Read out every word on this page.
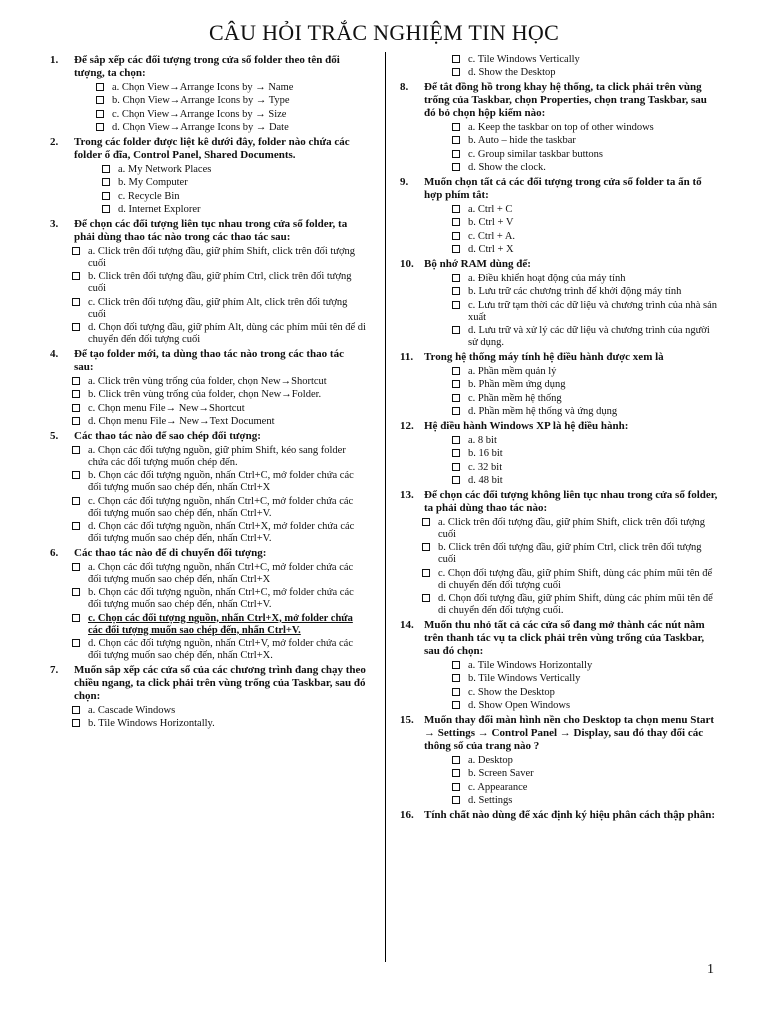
CÂU HỎI TRẮC NGHIỆM TIN HỌC
1.	Để sắp xếp các đối tượng trong cửa sổ folder theo tên đối tượng, ta chọn:
a. Chọn View→Arrange Icons by → Name
b. Chọn View→Arrange Icons by → Type
c. Chọn View→Arrange Icons by → Size
d. Chọn View→Arrange Icons by → Date
2.	Trong các folder được liệt kê dưới đây, folder nào chứa các folder ổ đĩa, Control Panel, Shared Documents.
a. My Network Places
b. My Computer
c. Recycle Bin
d. Internet Explorer
3.	Để chọn các đối tượng liên tục nhau trong cửa sổ folder, ta phải dùng thao tác nào trong các thao tác sau:
a. Click trên đối tượng đầu, giữ phím Shift, click trên đối tượng cuối
b. Click trên đối tượng đầu, giữ phím Ctrl, click trên đối tượng cuối
c. Click trên đối tượng đầu, giữ phím Alt, click trên đối tượng cuối
d. Chọn đối tượng đầu, giữ phím Alt, dùng các phím mũi tên để di chuyển đến đối tượng cuối
4.	Để tạo folder mới, ta dùng thao tác nào trong các thao tác sau:
a. Click trên vùng trống của folder, chọn New→Shortcut
b. Click trên vùng trống của folder, chọn New→Folder.
c. Chọn menu File→ New→Shortcut
d. Chọn menu File→ New→Text Document
5.	Các thao tác nào để sao chép đối tượng:
a. Chọn các đối tượng nguồn, giữ phím Shift, kéo sang folder chứa các đối tượng muốn chép đến.
b. Chọn các đối tượng nguồn, nhấn Ctrl+C, mở folder chứa các đối tượng muốn sao chép đến, nhấn Ctrl+X
c. Chọn các đối tượng nguồn, nhấn Ctrl+C, mở folder chứa các đối tượng muốn sao chép đến, nhấn Ctrl+V.
d. Chọn các đối tượng nguồn, nhấn Ctrl+X, mở folder chứa các đối tượng muốn sao chép đến, nhấn Ctrl+V.
6.	Các thao tác nào để di chuyển đối tượng:
a. Chọn các đối tượng nguồn, nhấn Ctrl+C, mở folder chứa các đối tượng muốn sao chép đến, nhấn Ctrl+X
b. Chọn các đối tượng nguồn, nhấn Ctrl+C, mở folder chứa các đối tượng muốn sao chép đến, nhấn Ctrl+V.
c. Chọn các đối tượng nguồn, nhấn Ctrl+X, mở folder chứa các đối tượng muốn sao chép đến, nhấn Ctrl+V.
d. Chọn các đối tượng nguồn, nhấn Ctrl+V, mở folder chứa các đối tượng muốn sao chép đến, nhấn Ctrl+X.
7.	Muốn sắp xếp các cửa sổ của các chương trình đang chạy theo chiều ngang, ta click phải trên vùng trống của Taskbar, sau đó chọn:
a. Cascade Windows
b. Tile Windows Horizontally.
c. Tile Windows Vertically
d. Show the Desktop
8.	Để tắt đồng hồ trong khay hệ thống, ta click phải trên vùng trống của Taskbar, chọn Properties, chọn trang Taskbar, sau đó bỏ chọn hộp kiểm nào:
a. Keep the taskbar on top of other windows
b. Auto – hide the taskbar
c. Group similar taskbar buttons
d. Show the clock.
9.	Muốn chọn tất cả các đối tượng trong cửa sổ folder ta ấn tổ hợp phím tắt:
a. Ctrl + C
b. Ctrl + V
c. Ctrl + A.
d. Ctrl + X
10. Bộ nhớ RAM dùng để:
a. Điều khiển hoạt động của máy tính
b. Lưu trữ các chương trình để khởi động máy tính
c. Lưu trữ tạm thời các dữ liệu và chương trình của nhà sản xuất
d. Lưu trữ và xử lý các dữ liệu và chương trình của người sử dụng.
11. Trong hệ thống máy tính hệ điều hành được xem là
a. Phần mềm quản lý
b. Phần mềm ứng dụng
c. Phần mềm hệ thống
d. Phần mềm hệ thống và ứng dụng
12. Hệ điều hành Windows XP là hệ điều hành:
a. 8 bit
b. 16 bit
c. 32 bit
d. 48 bit
13. Để chọn các đối tượng không liên tục nhau trong cửa sổ folder, ta phải dùng thao tác nào:
a. Click trên đối tượng đầu, giữ phím Shift, click trên đối tượng cuối
b. Click trên đối tượng đầu, giữ phím Ctrl, click trên đối tượng cuối
c. Chọn đối tượng đầu, giữ phím Shift, dùng các phím mũi tên để di chuyển đến đối tượng cuối
d. Chọn đối tượng đầu, giữ phím Shift, dùng các phím mũi tên để di chuyển đến đối tượng cuối.
14. Muốn thu nhỏ tất cả các cửa sổ đang mở thành các nút nằm trên thanh tác vụ ta click phải trên vùng trống của Taskbar, sau đó chọn:
a. Tile Windows Horizontally
b. Tile Windows Vertically
c. Show the Desktop
d. Show Open Windows
15. Muốn thay đổi màn hình nền cho Desktop ta chọn menu Start → Settings → Control Panel → Display, sau đó thay đổi các thông số của trang nào ?
a. Desktop
b. Screen Saver
c. Appearance
d. Settings
16. Tính chất nào dùng để xác định ký hiệu phân cách thập phân:
1
